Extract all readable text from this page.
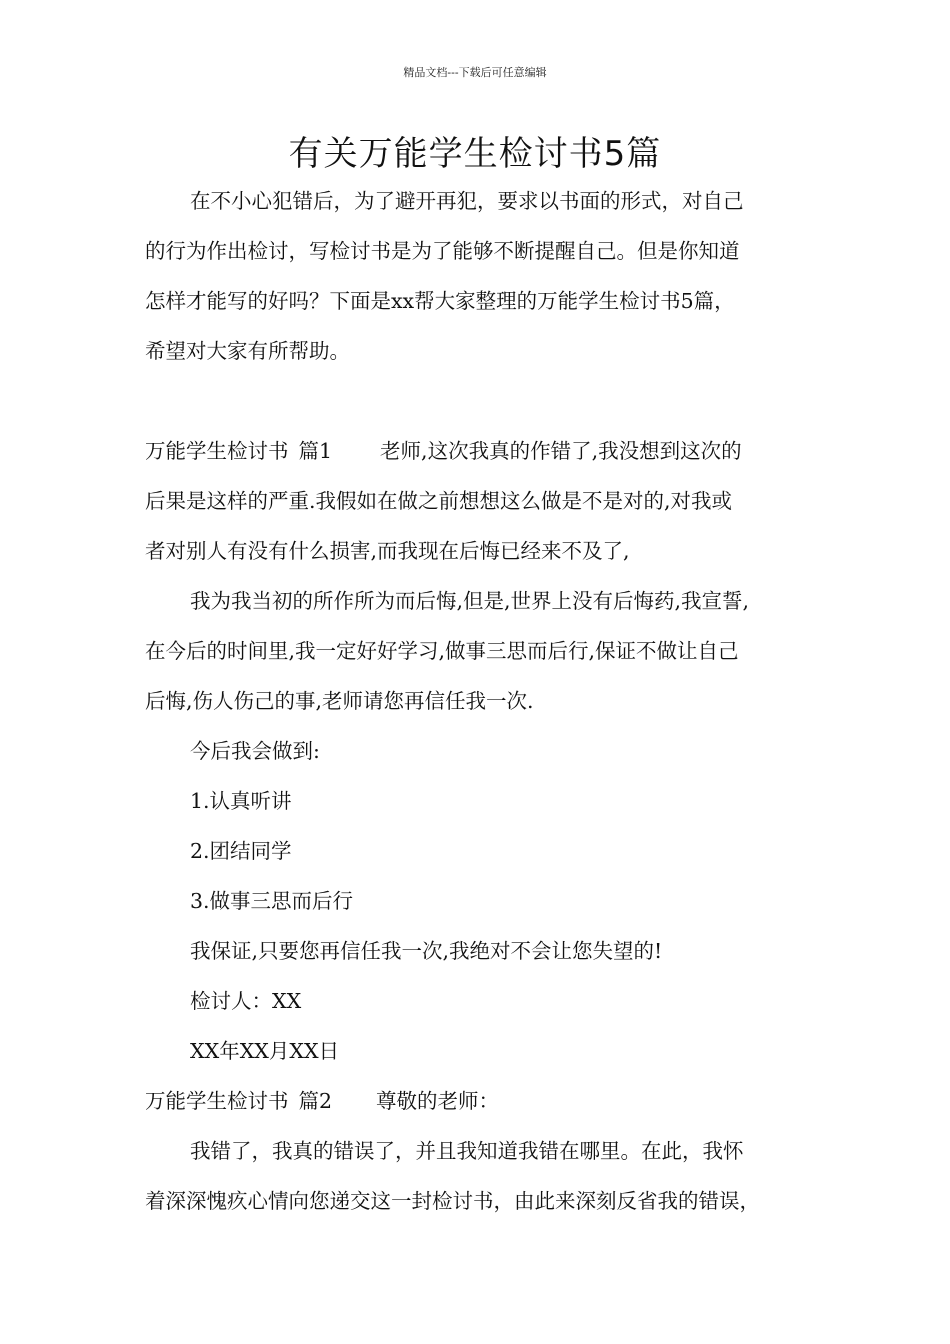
精品文档---下载后可任意编辑
有关万能学生检讨书5篇
在不小心犯错后，为了避开再犯，要求以书面的形式，对自己
的行为作出检讨，写检讨书是为了能够不断提醒自己。但是你知道
怎样才能写的好吗？下面是xx帮大家整理的万能学生检讨书5篇，
希望对大家有所帮助。
万能学生检讨书 篇1 老师,这次我真的作错了,我没想到这次的
后果是这样的严重.我假如在做之前想想这么做是不是对的,对我或
者对别人有没有什么损害,而我现在后悔已经来不及了,
我为我当初的所作所为而后悔,但是,世界上没有后悔药,我宣誓,
在今后的时间里,我一定好好学习,做事三思而后行,保证不做让自己
后悔,伤人伤己的事,老师请您再信任我一次.
今后我会做到:
1.认真听讲
2.团结同学
3.做事三思而后行
我保证,只要您再信任我一次,我绝对不会让您失望的!
检讨人：XX
XX年XX月XX日
万能学生检讨书 篇2 尊敬的老师：
我错了，我真的错误了，并且我知道我错在哪里。在此，我怀
着深深愧疚心情向您递交这一封检讨书，由此来深刻反省我的错误，
